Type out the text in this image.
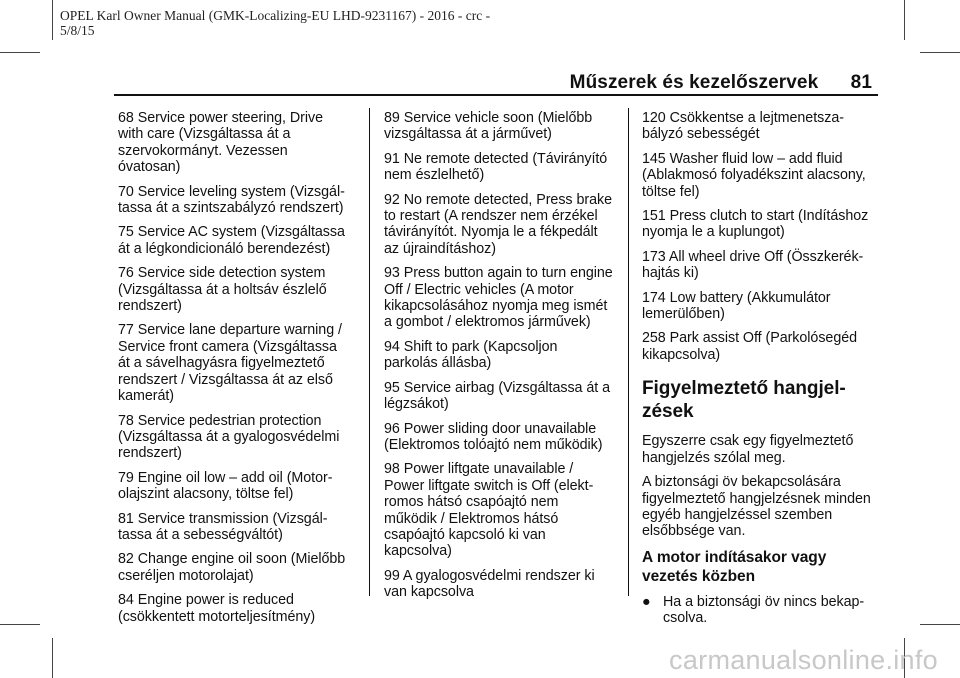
OPEL Karl Owner Manual (GMK-Localizing-EU LHD-9231167) - 2016 - crc -
5/8/15
Műszerek és kezelőszervek 81

68 Service power steering, Drive
with care (Vizsgáltassa át a
szervokormányt. Vezessen
óvatosan)

70 Service leveling system (Vizsgál-
tassa át a szintszabályzó rendszert)

75 Service AC system (Vizsgáltassa
át a légkondicionáló berendezést)

76 Service side detection system
(Vizsgáltassa át a holtsáv észlelő
rendszert)

77 Service lane departure warning /
Service front camera (Vizsgáltassa
át a sávelhagyásra figyelmeztető
rendszert / Vizsgáltassa át az első
kamerát)

78 Service pedestrian protection
(Vizsgáltassa át a gyalogosvédelmi
rendszert)

79 Engine oil low – add oil (Motor-
olajszint alacsony, töltse fel)

81 Service transmission (Vizsgál-
tassa át a sebességváltót)

82 Change engine oil soon (Mielőbb
cseréljen motorolajat)

84 Engine power is reduced
(csökkentett motorteljesítmény)

89 Service vehicle soon (Mielőbb
vizsgáltassa át a járművet)

91 Ne remote detected (Távirányító
nem észlelhető)

92 No remote detected, Press brake
to restart (A rendszer nem érzékel
távirányítót. Nyomja le a fékpedált
az újraindításhoz)

93 Press button again to turn engine
Off / Electric vehicles (A motor
kikapcsolásához nyomja meg ismét
a gombot / elektromos járművek)

94 Shift to park (Kapcsoljon
parkolás állásba)

95 Service airbag (Vizsgáltassa át a
légzsákot)

96 Power sliding door unavailable
(Elektromos tolóajtó nem működik)

98 Power liftgate unavailable /
Power liftgate switch is Off (elekt-
romos hátsó csapóajtó nem
működik / Elektromos hátsó
csapóajtó kapcsoló ki van
kapcsolva)

99 A gyalogosvédelmi rendszer ki
van kapcsolva

120 Csökkentse a lejtmenetsza-
bályzó sebességét

145 Washer fluid low – add fluid
(Ablakmosó folyadékszint alacsony,
töltse fel)

151 Press clutch to start (Indításhoz
nyomja le a kuplungot)

173 All wheel drive Off (Összkerék-
hajtás ki)

174 Low battery (Akkumulátor
lemerülőben)

258 Park assist Off (Parkolósegéd
kikapcsolva)

Figyelmeztető hangjel-
zések

Egyszerre csak egy figyelmeztető
hangjelzés szólal meg.

A biztonsági öv bekapcsolására
figyelmeztető hangjelzésnek minden
egyéb hangjelzéssel szemben
elsőbbsége van.

A motor indításakor vagy
vezetés közben
● Ha a biztonsági öv nincs bekap-
csolva.
carmanualsonline.info
